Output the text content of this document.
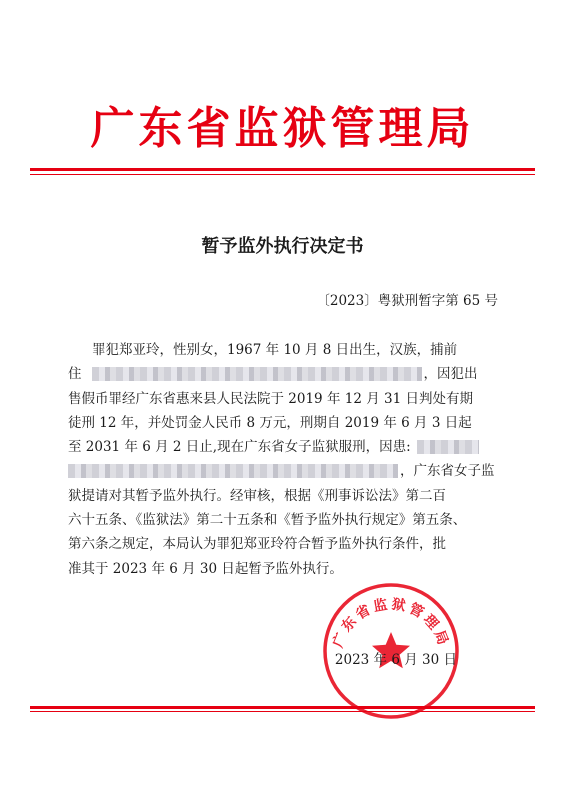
广东省监狱管理局
暂予监外执行决定书
〔2023〕粤狱刑暂字第 65 号
罪犯郑亚玲，性别女，1967 年 10 月 8 日出生，汉族，捕前
住	，因犯出
售假币罪经广东省惠来县人民法院于 2019 年 12 月 31 日判处有期
徒刑 12 年，并处罚金人民币 8 万元，刑期自 2019 年 6 月 3 日起
至 2031 年 6 月 2 日止,现在广东省女子监狱服刑，因患:
，广东省女子监
狱提请对其暂予监外执行。经审核，根据《刑事诉讼法》第二百
六十五条、《监狱法》第二十五条和《暂予监外执行规定》第五条、
第六条之规定，本局认为罪犯郑亚玲符合暂予监外执行条件，批
准其于 2023 年 6 月 30 日起暂予监外执行。
广东省监狱管理局
2023 年 6 月 30 日
